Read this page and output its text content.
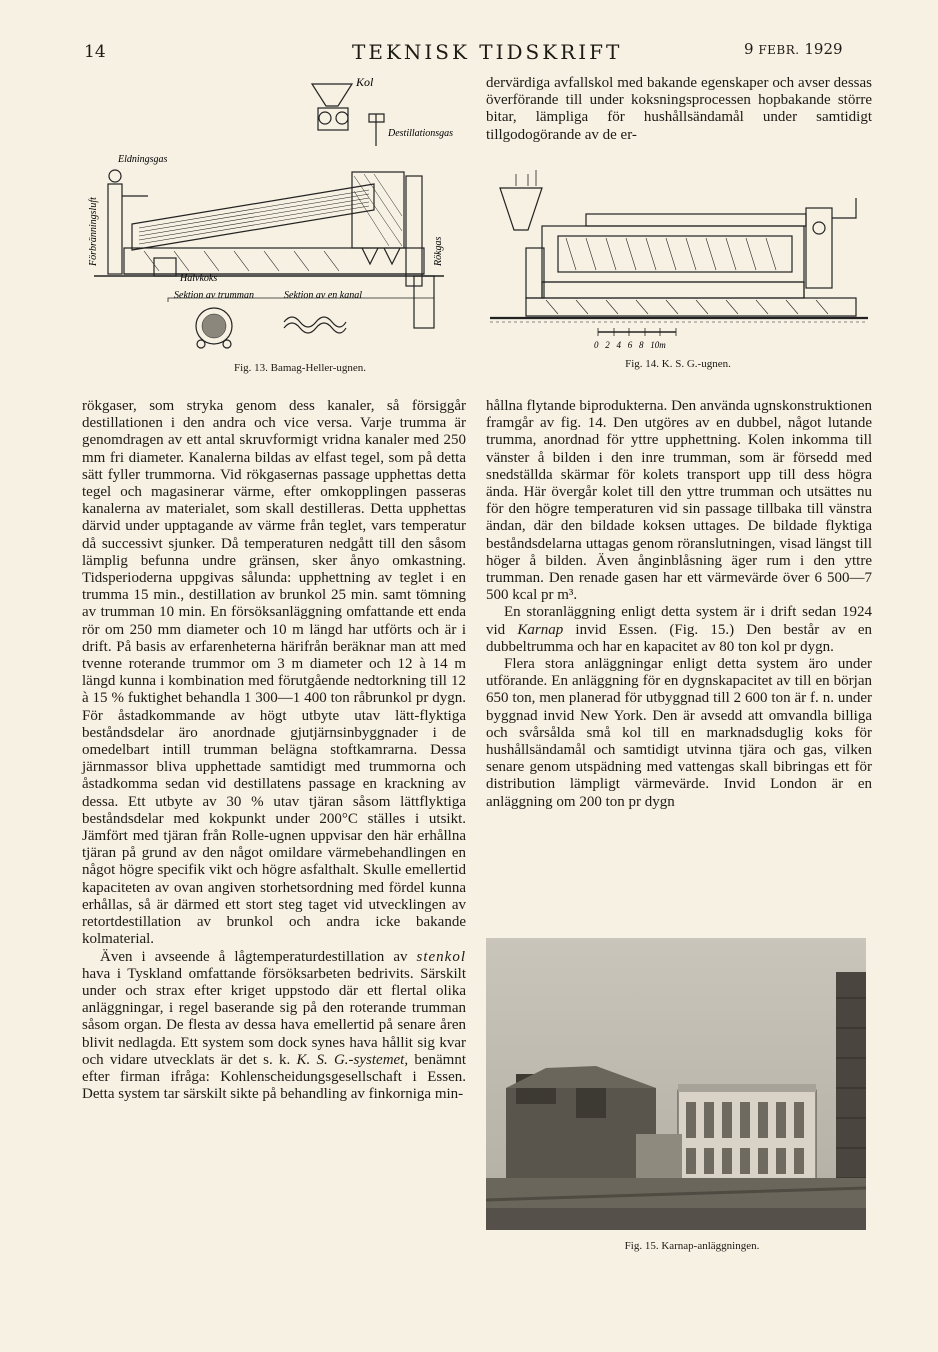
14	TEKNISK TIDSKRIFT	9 FEBR. 1929

dervärdiga avfallskol med bakande egenskaper och avser dessas överförande till under koksningsprocessen hopbakande större bitar, lämpliga för hushållsändamål under samtidigt tillgodogörande av de er-

Kol
Destillationsgas
Eldningsgas
Förbränningsluft	Rökgas
Halvkoks
Sektion av trumman	Sektion av en kanal
Fig. 13. Bamag-Heller-ugnen.
0   2   4   6   8   10m
Fig. 14. K. S. G.-ugnen.

rökgaser, som stryka genom dess kanaler, så försiggår destillationen i den andra och vice versa. Varje trumma är genomdragen av ett antal skruvformigt vridna kanaler med 250 mm fri diameter. Kanalerna bildas av elfast tegel, som på detta sätt fyller trummorna. Vid rökgasernas passage upphettas detta tegel och magasinerar värme, efter omkopplingen passeras kanalerna av materialet, som skall destilleras. Detta upphettas därvid under upptagande av värme från teglet, vars temperatur då successivt sjunker. Då temperaturen nedgått till den såsom lämplig befunna undre gränsen, sker ånyo omkastning. Tidsperioderna uppgivas sålunda: upphettning av teglet i en trumma 15 min., destillation av brunkol 25 min. samt tömning av trumman 10 min. En försöksanläggning omfattande ett enda rör om 250 mm diameter och 10 m längd har utförts och är i drift. På basis av erfarenheterna härifrån beräknar man att med tvenne roterande trummor om 3 m diameter och 12 à 14 m längd kunna i kombination med förutgående nedtorkning till 12 à 15 % fuktighet behandla 1 300—1 400 ton råbrunkol pr dygn. För åstadkommande av högt utbyte utav lätt-flyktiga beståndsdelar äro anordnade gjutjärnsinbyggnader i de omedelbart intill trumman belägna stoftkamrarna. Dessa järnmassor bliva upphettade samtidigt med trummorna och åstadkomma sedan vid destillatens passage en krackning av dessa. Ett utbyte av 30 % utav tjäran såsom lättflyktiga beståndsdelar med kokpunkt under 200°C ställes i utsikt. Jämfört med tjäran från Rolle-ugnen uppvisar den här erhållna tjäran på grund av den något omildare värmebehandlingen en något högre specifik vikt och högre asfalthalt. Skulle emellertid kapaciteten av ovan angiven storhetsordning med fördel kunna erhållas, så är därmed ett stort steg taget vid utvecklingen av retortdestillation av brunkol och andra icke bakande kolmaterial.

Även i avseende å lågtemperaturdestillation av stenkol hava i Tyskland omfattande försöksarbeten bedrivits. Särskilt under och strax efter kriget uppstodo där ett flertal olika anläggningar, i regel baserande sig på den roterande trumman såsom organ. De flesta av dessa hava emellertid på senare åren blivit nedlagda. Ett system som dock synes hava hållit sig kvar och vidare utvecklats är det s. k. K. S. G.-systemet, benämnt efter firman ifråga: Kohlenscheidungsgesellschaft i Essen. Detta system tar särskilt sikte på behandling av finkorniga min-

hållna flytande biprodukterna. Den använda ugnskonstruktionen framgår av fig. 14. Den utgöres av en dubbel, något lutande trumma, anordnad för yttre upphettning. Kolen inkomma till vänster å bilden i den inre trumman, som är försedd med snedställda skärmar för kolets transport upp till dess högra ända. Här övergår kolet till den yttre trumman och utsättes nu för den högre temperaturen vid sin passage tillbaka till vänstra ändan, där den bildade koksen uttages. De bildade flyktiga beståndsdelarna uttagas genom röranslutningen, visad längst till höger å bilden. Även ånginblåsning äger rum i den yttre trumman. Den renade gasen har ett värmevärde över 6 500—7 500 kcal pr m³.

En storanläggning enligt detta system är i drift sedan 1924 vid Karnap invid Essen. (Fig. 15.) Den består av en dubbeltrumma och har en kapacitet av 80 ton kol pr dygn.

Flera stora anläggningar enligt detta system äro under utförande. En anläggning för en dygnskapacitet av till en början 650 ton, men planerad för utbyggnad till 2 600 ton är f. n. under byggnad invid New York. Den är avsedd att omvandla billiga och svårsålda små kol till en marknadsduglig koks för hushållsändamål och samtidigt utvinna tjära och gas, vilken senare genom utspädning med vattengas skall bibringas ett för distribution lämpligt värmevärde. Invid London är en anläggning om 200 ton pr dygn

Fig. 15. Karnap-anläggningen.
